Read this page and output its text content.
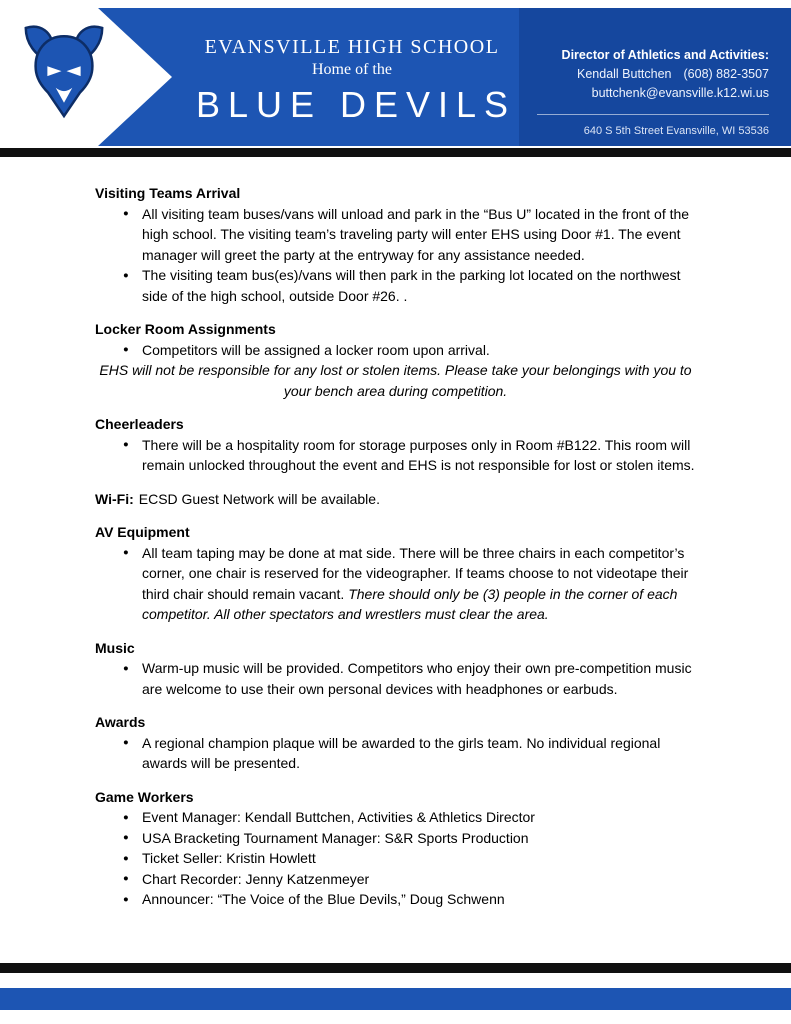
EVANSVILLE HIGH SCHOOL
Home of the
BLUE DEVILS
Director of Athletics and Activities:
Kendall Buttchen (608) 882-3507
buttchenk@evansville.k12.wi.us
640 S 5th Street Evansville, WI 53536
Visiting Teams Arrival
● All visiting team buses/vans will unload and park in the “Bus U” located in the front of the high school. The visiting team’s traveling party will enter EHS using Door #1. The event manager will greet the party at the entryway for any assistance needed.
● The visiting team bus(es)/vans will then park in the parking lot located on the northwest side of the high school, outside Door #26. .
Locker Room Assignments
● Competitors will be assigned a locker room upon arrival.

EHS will not be responsible for any lost or stolen items. Please take your belongings with you to your bench area during competition.

Cheerleaders
● There will be a hospitality room for storage purposes only in Room #B122. This room will remain unlocked throughout the event and EHS is not responsible for lost or stolen items.

Wi-Fi: ECSD Guest Network will be available.

AV Equipment
● All team taping may be done at mat side. There will be three chairs in each competitor’s corner, one chair is reserved for the videographer. If teams choose to not videotape their third chair should remain vacant. There should only be (3) people in the corner of each competitor. All other spectators and wrestlers must clear the area.
Music
● Warm-up music will be provided. Competitors who enjoy their own pre-competition music are welcome to use their own personal devices with headphones or earbuds.
Awards
● A regional champion plaque will be awarded to the girls team. No individual regional awards will be presented.
Game Workers
● Event Manager: Kendall Buttchen, Activities & Athletics Director
● USA Bracketing Tournament Manager: S&R Sports Production
● Ticket Seller: Kristin Howlett
● Chart Recorder: Jenny Katzenmeyer
● Announcer: “The Voice of the Blue Devils,” Doug Schwenn
